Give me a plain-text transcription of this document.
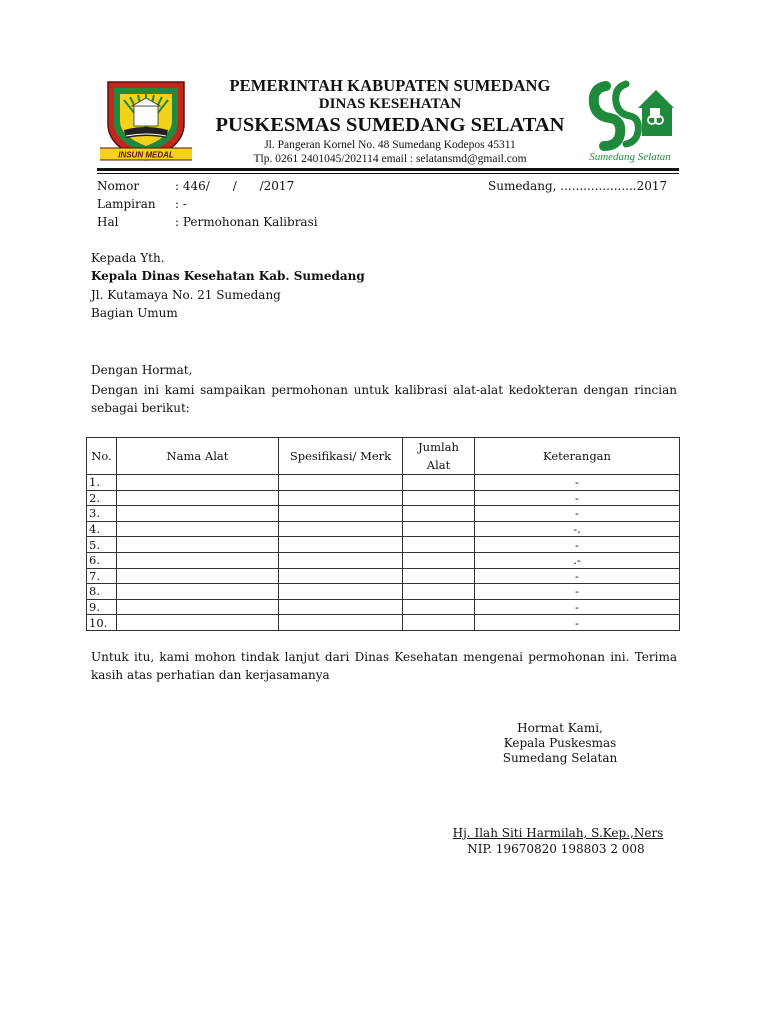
INSUN MEDAL
PEMERINTAH KABUPATEN SUMEDANG
DINAS KESEHATAN
PUSKESMAS SUMEDANG SELATAN
Jl. Pangeran Kornel No. 48 Sumedang Kodepos 45311
Tlp. 0261 2401045/202114 email : selatansmd@gmail.com	Sumedang Selatan
Nomor	: 446/      /      /2017	Sumedang, ....................2017
Lampiran : -
Hal	: Permohonan Kalibrasi
Kepada Yth.
Kepala Dinas Kesehatan Kab. Sumedang
Jl. Kutamaya No. 21 Sumedang
Bagian Umum
Dengan Hormat,
Dengan ini kami sampaikan permohonan untuk kalibrasi alat-alat kedokteran dengan rincian sebagai berikut:
No.	Nama Alat	Spesifikasi/ Merk	Jumlah Alat	Keterangan
1.				-
2.				-
3.				-
4.				-.
5.				-
6.				.-
7.				-
8.				-
9.				-
10.				-
Untuk itu, kami mohon tindak lanjut dari Dinas Kesehatan mengenai permohonan ini. Terima kasih atas perhatian dan kerjasamanya
Hormat Kami,
Kepala Puskesmas
Sumedang Selatan
Hj. Ilah Siti Harmilah, S.Kep.,Ners
NIP. 19670820 198803 2 008
